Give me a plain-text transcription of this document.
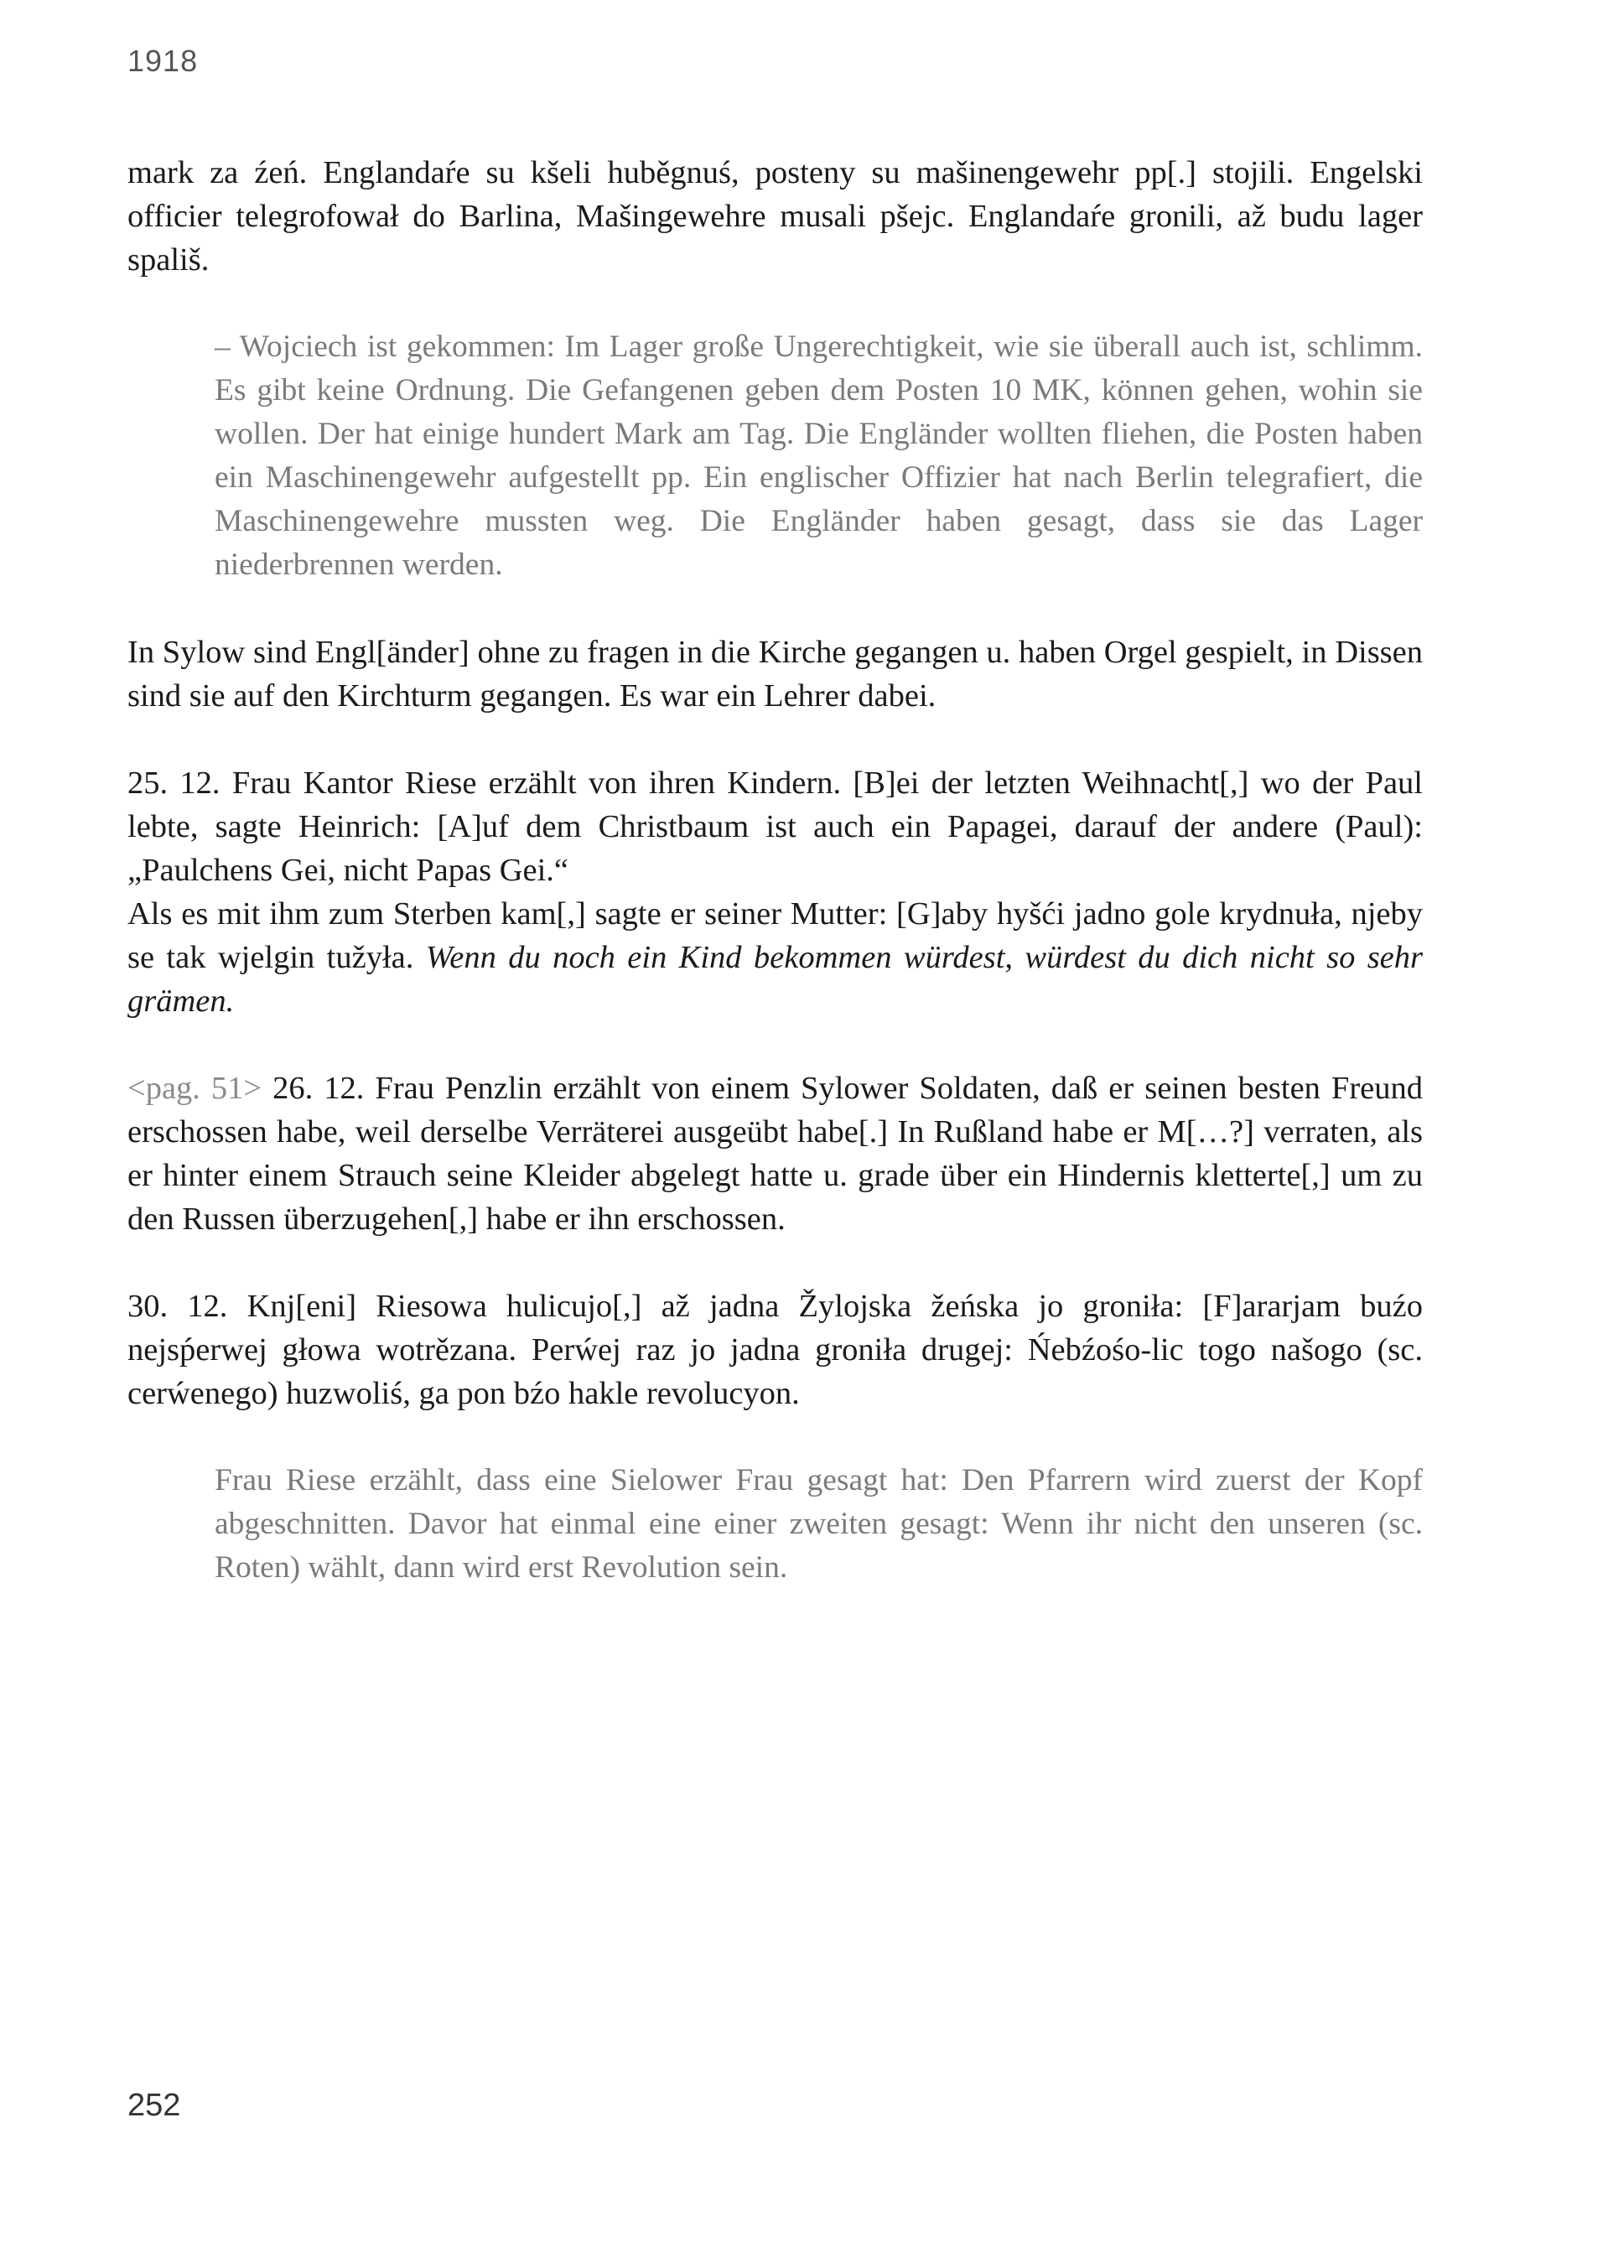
1918

mark za źeń. Englandaŕe su kšeli huběgnuś, posteny su mašinengewehr pp[.] stojili. Engelski officier telegrofował do Barlina, Mašingewehre musali pšejc. Englandaŕe gronili, až budu lager spališ.

– Wojciech ist gekommen: Im Lager große Ungerechtigkeit, wie sie überall auch ist, schlimm. Es gibt keine Ordnung. Die Gefangenen geben dem Posten 10 MK, können gehen, wohin sie wollen. Der hat einige hundert Mark am Tag. Die Engländer wollten fliehen, die Posten haben ein Maschinengewehr aufgestellt pp. Ein englischer Offizier hat nach Berlin telegrafiert, die Maschinengewehre mussten weg. Die Engländer haben gesagt, dass sie das Lager niederbrennen werden.

In Sylow sind Engl[änder] ohne zu fragen in die Kirche gegangen u. haben Orgel gespielt, in Dissen sind sie auf den Kirchturm gegangen. Es war ein Lehrer dabei.

25. 12. Frau Kantor Riese erzählt von ihren Kindern. [B]ei der letzten Weihnacht[,] wo der Paul lebte, sagte Heinrich: [A]uf dem Christbaum ist auch ein Papagei, darauf der andere (Paul): „Paulchens Gei, nicht Papas Gei.“

Als es mit ihm zum Sterben kam[,] sagte er seiner Mutter: [G]aby hyšći jadno gole krydnuła, njeby se tak wjelgin tužyła. Wenn du noch ein Kind bekommen würdest, würdest du dich nicht so sehr grämen.

<pag. 51> 26. 12. Frau Penzlin erzählt von einem Sylower Soldaten, daß er seinen besten Freund erschossen habe, weil derselbe Verräterei ausgeübt habe[.] In Rußland habe er M[…?] verraten, als er hinter einem Strauch seine Kleider abgelegt hatte u. grade über ein Hindernis kletterte[,] um zu den Russen überzugehen[,] habe er ihn erschossen.

30. 12. Knj[eni] Riesowa hulicujo[,] až jadna Žylojska žeńska jo groniła: [F]ararjam buźo nejsṕerwej głowa wotrězana. Perẃej raz jo jadna groniła drugej: Ńebźośo-lic togo našogo (sc. cerẃenego) huzwoliś, ga pon bźo hakle revolucyon.

Frau Riese erzählt, dass eine Sielower Frau gesagt hat: Den Pfarrern wird zuerst der Kopf abgeschnitten. Davor hat einmal eine einer zweiten gesagt: Wenn ihr nicht den unseren (sc. Roten) wählt, dann wird erst Revolution sein.

252
